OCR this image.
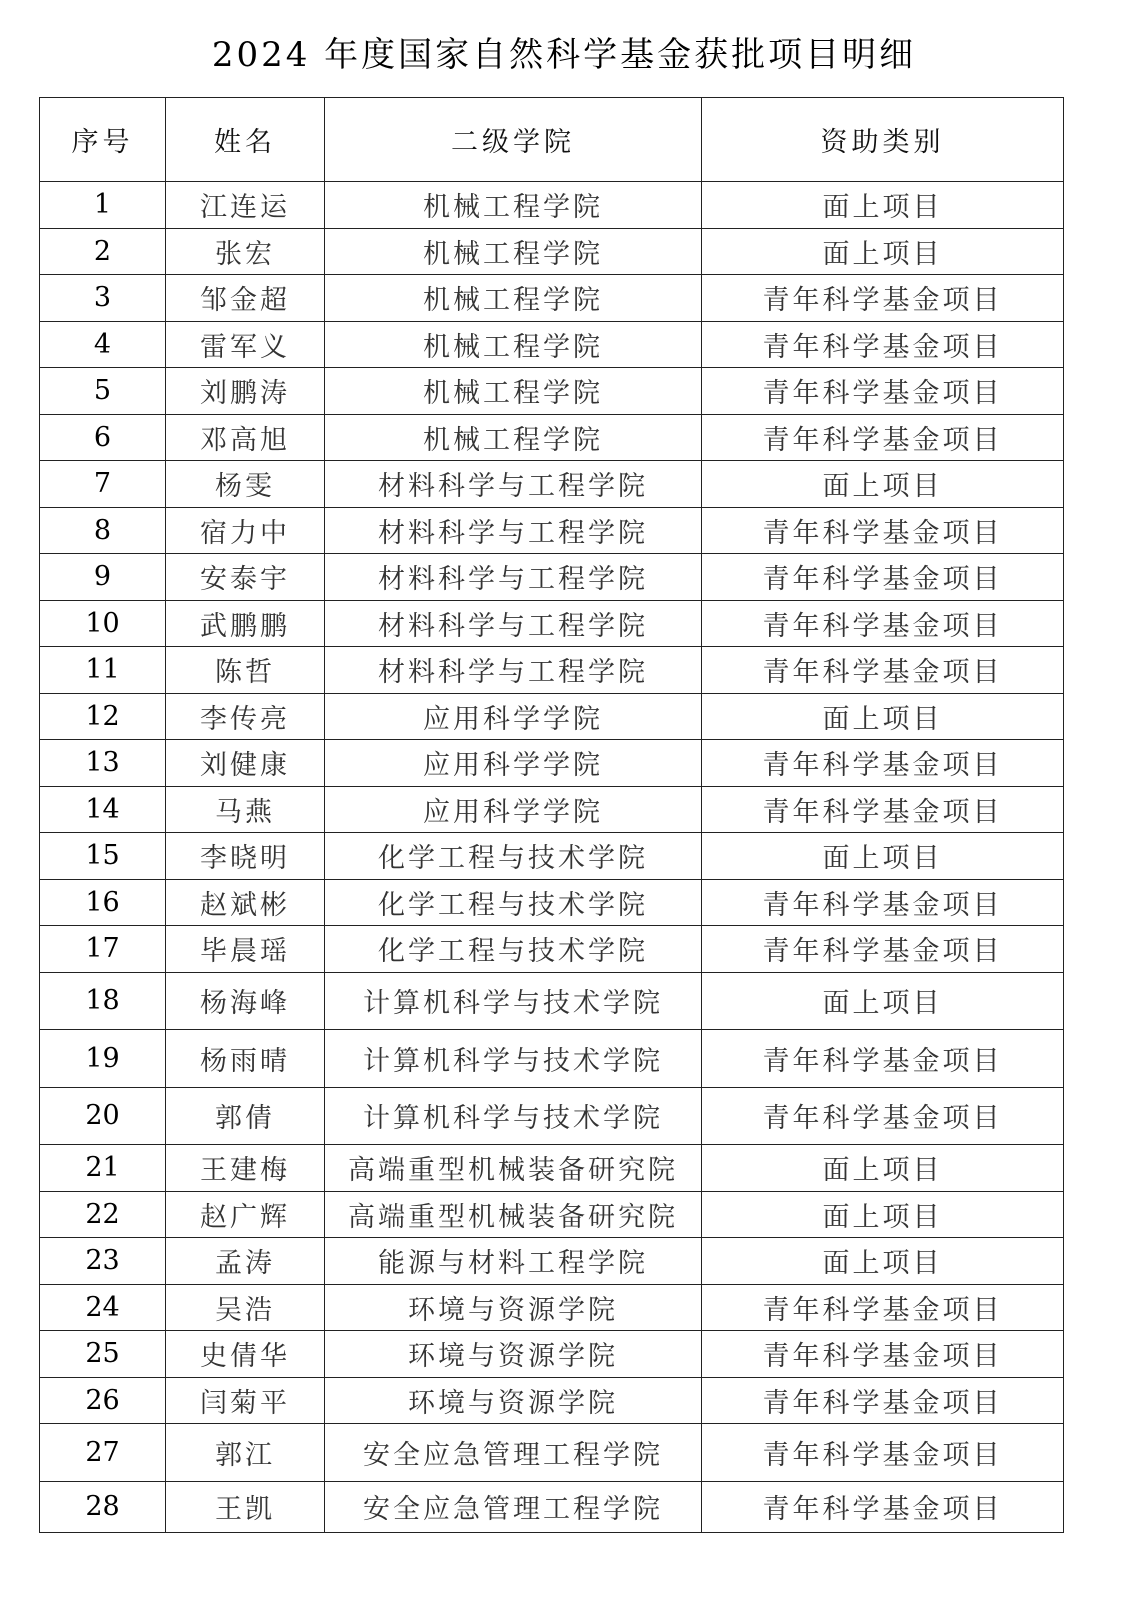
2024 年度国家自然科学基金获批项目明细
序号	姓名	二级学院	资助类别
1	江连运	机械工程学院	面上项目
2	张宏	机械工程学院	面上项目
3	邹金超	机械工程学院	青年科学基金项目
4	雷军义	机械工程学院	青年科学基金项目
5	刘鹏涛	机械工程学院	青年科学基金项目
6	邓高旭	机械工程学院	青年科学基金项目
7	杨雯	材料科学与工程学院	面上项目
8	宿力中	材料科学与工程学院	青年科学基金项目
9	安泰宇	材料科学与工程学院	青年科学基金项目
10	武鹏鹏	材料科学与工程学院	青年科学基金项目
11	陈哲	材料科学与工程学院	青年科学基金项目
12	李传亮	应用科学学院	面上项目
13	刘健康	应用科学学院	青年科学基金项目
14	马燕	应用科学学院	青年科学基金项目
15	李晓明	化学工程与技术学院	面上项目
16	赵斌彬	化学工程与技术学院	青年科学基金项目
17	毕晨瑶	化学工程与技术学院	青年科学基金项目
18	杨海峰	计算机科学与技术学院	面上项目
19	杨雨晴	计算机科学与技术学院	青年科学基金项目
20	郭倩	计算机科学与技术学院	青年科学基金项目
21	王建梅	高端重型机械装备研究院	面上项目
22	赵广辉	高端重型机械装备研究院	面上项目
23	孟涛	能源与材料工程学院	面上项目
24	吴浩	环境与资源学院	青年科学基金项目
25	史倩华	环境与资源学院	青年科学基金项目
26	闫菊平	环境与资源学院	青年科学基金项目
27	郭江	安全应急管理工程学院	青年科学基金项目
28	王凯	安全应急管理工程学院	青年科学基金项目
